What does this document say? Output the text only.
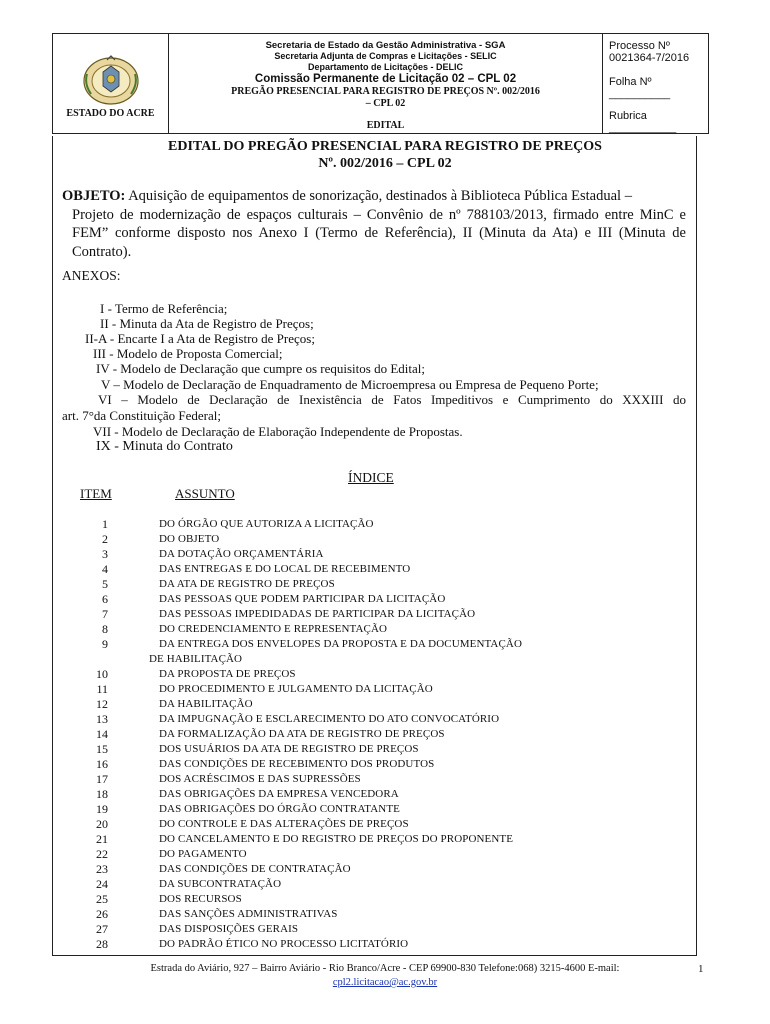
ESTADO DO ACRE
Secretaria de Estado da Gestão Administrativa - SGA
Secretaria Adjunta de Compras e Licitações - SELIC
Departamento de Licitações - DELIC
Comissão Permanente de Licitação 02 – CPL 02
PREGÃO PRESENCIAL PARA REGISTRO DE PREÇOS Nº. 002/2016
– CPL 02
EDITAL
Processo Nº 0021364-7/2016
Folha Nº __________
Rubrica ___________
EDITAL DO PREGÃO PRESENCIAL PARA REGISTRO DE PREÇOS
Nº. 002/2016 – CPL 02
OBJETO: Aquisição de equipamentos de sonorização, destinados à Biblioteca Pública Estadual –
Projeto de modernização de espaços culturais – Convênio de nº 788103/2013, firmado entre MinC e FEM” conforme disposto nos Anexo I (Termo de Referência), II (Minuta da Ata) e III (Minuta de Contrato).
ANEXOS:
I - Termo de Referência;
II - Minuta da Ata de Registro de Preços;
II-A - Encarte I a Ata de Registro de Preços;
III - Modelo de Proposta Comercial;
IV - Modelo de Declaração que cumpre os requisitos do Edital;
V – Modelo de Declaração de Enquadramento de Microempresa ou Empresa de Pequeno Porte;
VI – Modelo de Declaração de Inexistência de Fatos Impeditivos e Cumprimento do XXXIII do
art. 7°da Constituição Federal;
VII - Modelo de Declaração de Elaboração Independente de Propostas.
IX - Minuta do Contrato
ÍNDICE
ITEM	ASSUNTO
1	DO ÓRGÃO QUE AUTORIZA A LICITAÇÃO
2	DO OBJETO
3	DA DOTAÇÃO ORÇAMENTÁRIA
4	DAS ENTREGAS E DO LOCAL DE RECEBIMENTO
5	DA ATA DE REGISTRO DE PREÇOS
6	DAS PESSOAS QUE PODEM PARTICIPAR DA LICITAÇÃO
7	DAS PESSOAS IMPEDIDADAS DE PARTICIPAR DA LICITAÇÃO
8	DO CREDENCIAMENTO E REPRESENTAÇÃO
9	DA ENTREGA DOS ENVELOPES DA PROPOSTA E DA DOCUMENTAÇÃO
DE HABILITAÇÃO
10	DA PROPOSTA DE PREÇOS
11	DO PROCEDIMENTO E JULGAMENTO DA LICITAÇÃO
12	DA HABILITAÇÃO
13	DA IMPUGNAÇÃO E ESCLARECIMENTO DO ATO CONVOCATÓRIO
14	DA FORMALIZAÇÃO DA ATA DE REGISTRO DE PREÇOS
15	DOS USUÁRIOS DA ATA DE REGISTRO DE PREÇOS
16	DAS CONDIÇÕES DE RECEBIMENTO DOS PRODUTOS
17	DOS ACRÉSCIMOS E DAS SUPRESSÕES
18	DAS OBRIGAÇÕES DA EMPRESA VENCEDORA
19	DAS OBRIGAÇÕES DO ÓRGÃO CONTRATANTE
20	DO CONTROLE E DAS ALTERAÇÕES DE PREÇOS
21	DO CANCELAMENTO E DO REGISTRO DE PREÇOS DO PROPONENTE
22	DO PAGAMENTO
23	DAS CONDIÇÕES DE CONTRATAÇÃO
24	DA SUBCONTRATAÇÃO
25	DOS RECURSOS
26	DAS SANÇÕES ADMINISTRATIVAS
27	DAS DISPOSIÇÕES GERAIS
28	DO PADRÃO ÉTICO NO PROCESSO LICITATÓRIO
Estrada do Aviário, 927 – Bairro Aviário - Rio Branco/Acre - CEP 69900-830 Telefone:068) 3215-4600 E-mail:
cpl2.licitacao@ac.gov.br
1
